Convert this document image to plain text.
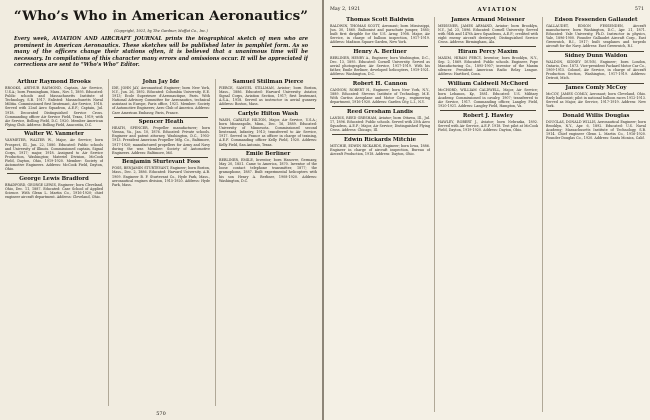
“Who’s Who in American Aeronautics”
(Copyright, 1921, by The Gardner, Moffat Co., Inc.)
Every week, AVIATION AND AIRCRAFT JOURNAL prints the biographical sketch of men who are prominent in American Aeronautics. These sketches will be published later in pamphlet form. As so many of the officers change their stations often, it is believed that a unanimous time will be necessary. In compilations of this character many errors and omissions occur. It will be appreciated if corrections are sent to “Who’s Who” Editor.
Arthur Raymond Brooks
BROOKS, ARTHUR RAYMOND, Captain, Air Service, U.S.A.; born Framingham, Mass., Nov. 1, 1895. Educated: Public schools and Massachusetts Institute of Technology, S.B. 1917. Enlisted: Massachusetts Naval Militia. Commissioned first lieutenant, Air Service, 1918. Served with 22nd Aero Squadron, A.E.F.; Captain, Jul. 1918. Decorated Distinguished Service Cross. Commanding officer Air Service Field, Texas, 1919; with Air Service, Bolling Field, D.C. 1920. Member American Flying Club. Address: Bolling Field, Anacostia, D.C.
Walter W. Vanmeter
VANMETER, WALTER W., Major, Air Service; born Prospect, Ill., Jun. 22, 1880. Educated: Public schools and University of Illinois. Commissioned captain, Signal Corps, 1917; major, 1918. Assigned to Air Service Production, Washington; Materiel Division, McCook Field, Dayton, Ohio, 1919-1920. Member: Society of Automotive Engineers. Address: McCook Field, Dayton, Ohio.
George Lewis Bradford
BRADFORD, GEORGE LEWIS, Engineer; born Cleveland, Ohio, Dec. 11, 1887. Educated: Case School of Applied Science. With Glenn L. Martin Co., 1916-1920; chief engineer aircraft department. Address: Cleveland, Ohio.
John Jay Ide
IDE, JOHN JAY, Aeronautical Engineer; born New York, N.Y., Jun. 26, 1892. Educated: Columbia University, E.E. 1913; Ecole Superieure d'Aeronautique, Paris. With National Advisory Committee for Aeronautics, technical assistant in Europe, Paris office, 1921. Member: Society of Automotive Engineers; Aero Club of America. Address: Care American Embassy, Paris, France.
Spencer Heath
HEATH, SPENCER, Propeller manufacturer; born Vienna, Va., Jan. 10, 1876. Educated: Private schools. Engineer and patent attorney, Washington, D.C., 1903-1913. President American Propeller Mfg. Co., Baltimore, 1917-1920; manufactured propellers for Army and Navy during the war. Member: Society of Automotive Engineers. Address: Baltimore, Md.
Benjamin Sturtevant Foss
FOSS, BENJAMIN STURTEVANT, Engineer; born Boston, Mass., Dec. 2, 1886. Educated: Harvard University, A.B. 1909. Engineer B. F. Sturtevant Co., Hyde Park, Mass., aeronautical engines division, 1915-1920. Address: Hyde Park, Mass.
Samuel Stillman Pierce
PIERCE, SAMUEL STILLMAN, Aviator; born Boston, Mass., 1886. Educated: Harvard University. Aviator, Signal Corps, Aviation Section, 1917; first lieutenant, A.S.A., 1918. Served as instructor in aerial gunnery. Address: Boston, Mass.
Carlyle Hilton Wash
WASH, CARLYLE HILTON, Major, Air Service, U.S.A.; born Minneapolis, Minn., Dec. 16, 1889. Educated: University of Minnesota. Commissioned second lieutenant, Infantry, 1913; transferred to Air Service, 1917. Served in France as officer in charge of training, A.E.F. Commanding officer Kelly Field, 1920. Address: Kelly Field, San Antonio, Texas.
Emile Berliner
BERLINER, EMILE, Inventor; born Hanover, Germany, May 20, 1851. Came to America, 1870. Inventor of the loose contact telephone transmitter, 1877; the gramophone, 1887. Built experimental helicopters with his son Henry A. Berliner, 1908-1920. Address: Washington, D.C.
570
May 2, 1921	AVIATION	571
Thomas Scott Baldwin
BALDWIN, THOMAS SCOTT, Aeronaut; born Mississippi, Jun. 30, 1860. Balloonist and parachute jumper, 1885; built first dirigible for the U.S. Army, 1908. Major, Air Service, in charge of balloon inspection, 1917-1919. Address: Madison Square Garden, New York.
Henry A. Berliner
BERLINER, HENRY A., Engineer; born Washington, D.C., Dec. 13, 1895. Educated: Cornell University. Served as aerial photographer, Air Service, 1917-1919. With his father, Emile Berliner, developed helicopters, 1919-1921. Address: Washington, D.C.
Robert H. Cannon
CANNON, ROBERT H., Engineer; born New York, N.Y., 1889. Educated: Stevens Institute of Technology, M.E. With Curtiss Aeroplane and Motor Corp., engineering department, 1916-1920. Address: Garden City, L.I., N.Y.
Reed Gresham Landis
LANDIS, REED GRESHAM, Aviator; born Ottawa, Ill., Jul. 17, 1896. Educated: Public schools. Served with 25th Aero Squadron, A.E.F.; Major, Air Service; Distinguished Flying Cross. Address: Chicago, Ill.
Edwin Rickards Mitchie
MITCHIE, EDWIN RICKARDS, Engineer; born Iowa, 1886. Engineer in charge of aircraft inspection, Bureau of Aircraft Production, 1918. Address: Dayton, Ohio.
James Armand Meissner
MEISSNER, JAMES ARMAND, Aviator; born Brooklyn, N.Y., Jul. 23, 1896. Educated: Cornell University. Served with 94th and 147th Aero Squadrons, A.E.F.; credited with eight enemy aircraft destroyed; Distinguished Service Cross. Address: Birmingham, Ala.
Hiram Percy Maxim
MAXIM, HIRAM PERCY, Inventor; born Brooklyn, N.Y., Sep. 2, 1869. Educated: Public schools. Engineer, Pope Manufacturing Co., 1895-1907; inventor of the Maxim silencer. President American Radio Relay League. Address: Hartford, Conn.
William Caldwell McChord
McCHORD, WILLIAM CALDWELL, Major, Air Service; born Lebanon, Ky., 1881. Educated: U.S. Military Academy. Commissioned in cavalry, 1907; transferred to Air Service, 1917. Commanding officer, Langley Field, 1920-1921. Address: Langley Field, Hampton, Va.
Robert J. Hawley
HAWLEY, ROBERT J., Aviator; born Nebraska, 1892. Served with Air Service, A.E.F. 1918. Test pilot at McCook Field, Dayton, 1919-1920. Address: Dayton, Ohio.
Edson Fessenden Gallaudet
GALLAUDET, EDSON FESSENDEN, Aircraft manufacturer; born Washington, D.C., Apr. 21, 1871. Educated: Yale University, Ph.D. Instructor in physics, Yale, 1896-1900. Founder Gallaudet Aircraft Corp., East Greenwich, R.I., 1917; built seaplanes and torpedo aircraft for the Navy. Address: East Greenwich, R.I.
Sidney Dunn Waldon
WALDON, SIDNEY DUNN, Engineer; born London, Ontario, Dec. 1873. Vice-president Packard Motor Car Co., 1909-1915. Colonel, Air Service, in charge of Aircraft Production Section, Washington, 1917-1919. Address: Detroit, Mich.
James Comly McCoy
McCOY, JAMES COMLY, Aeronaut; born Cleveland, Ohio. Early balloonist; pilot in national balloon races 1912-1913. Served as Major, Air Service, 1917-1919. Address: New York.
Donald Willis Douglas
DOUGLAS, DONALD WILLIS, Aeronautical Engineer; born Brooklyn, N.Y., Apr. 6, 1892. Educated: U.S. Naval Academy; Massachusetts Institute of Technology, S.B. 1914. Chief engineer Glenn L. Martin Co., 1916-1920. Founder Douglas Co., 1920. Address: Santa Monica, Calif.
